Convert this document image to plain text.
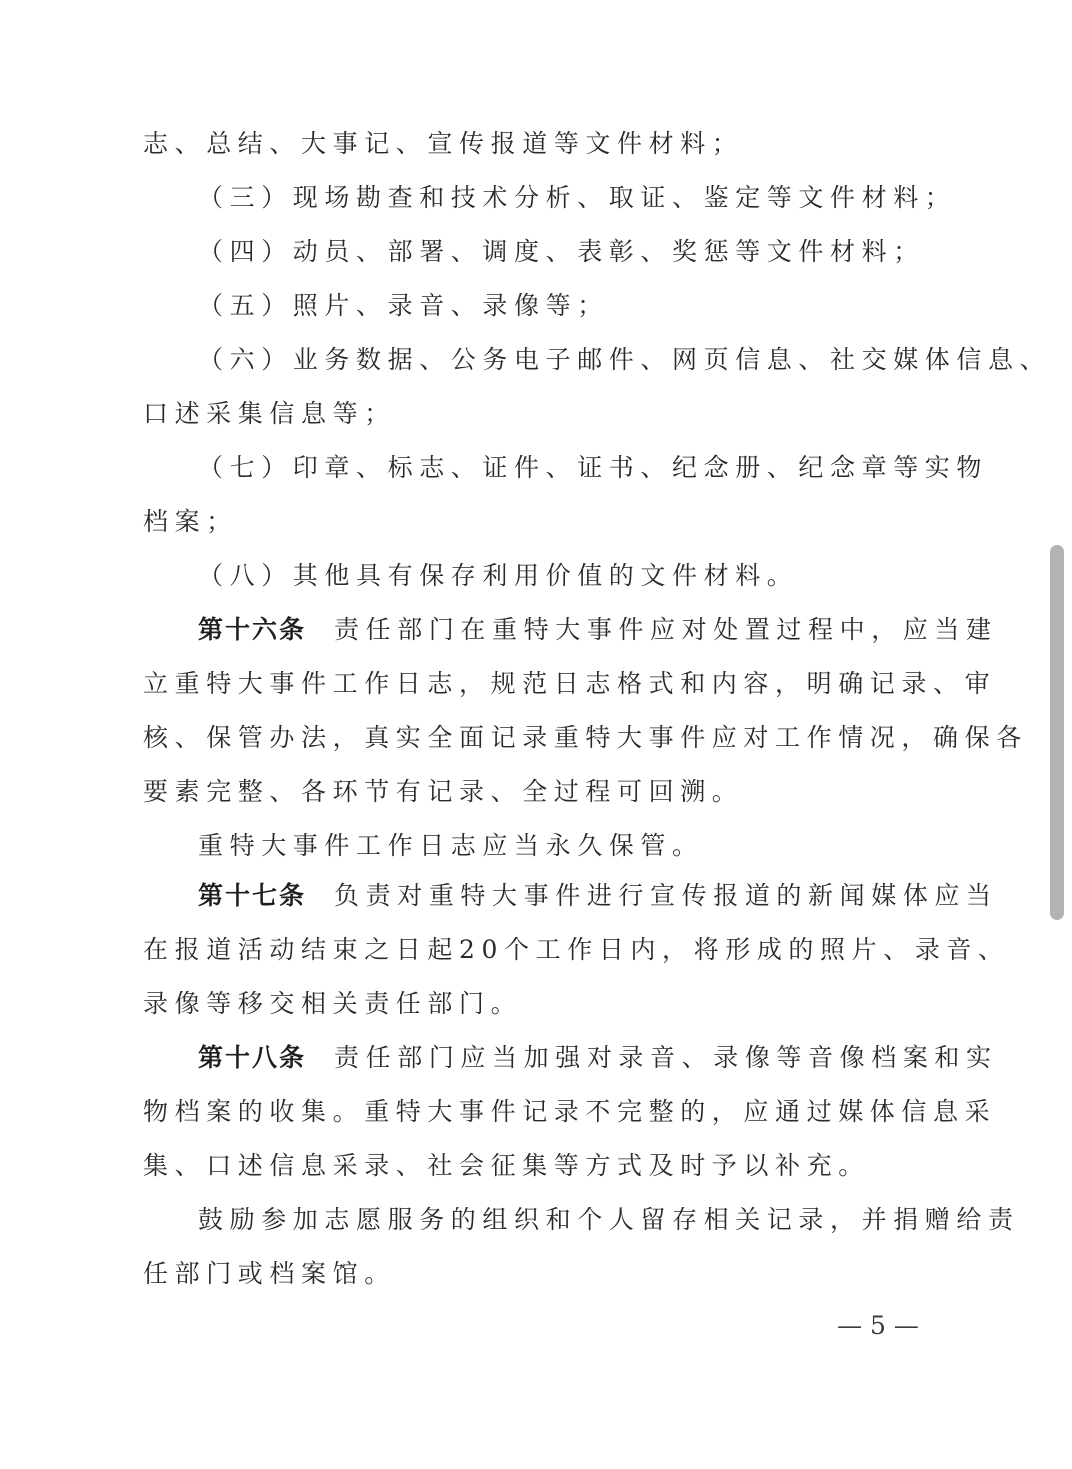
志、总结、大事记、宣传报道等文件材料；
（三）现场勘查和技术分析、取证、鉴定等文件材料；
（四）动员、部署、调度、表彰、奖惩等文件材料；
（五）照片、录音、录像等；
（六）业务数据、公务电子邮件、网页信息、社交媒体信息、
口述采集信息等；
（七）印章、标志、证件、证书、纪念册、纪念章等实物
档案；
（八）其他具有保存利用价值的文件材料。
第十六条 责任部门在重特大事件应对处置过程中，应当建
立重特大事件工作日志，规范日志格式和内容，明确记录、审
核、保管办法，真实全面记录重特大事件应对工作情况，确保各
要素完整、各环节有记录、全过程可回溯。
重特大事件工作日志应当永久保管。
第十七条 负责对重特大事件进行宣传报道的新闻媒体应当
在报道活动结束之日起20个工作日内，将形成的照片、录音、
录像等移交相关责任部门。
第十八条 责任部门应当加强对录音、录像等音像档案和实
物档案的收集。重特大事件记录不完整的，应通过媒体信息采
集、口述信息采录、社会征集等方式及时予以补充。
鼓励参加志愿服务的组织和个人留存相关记录，并捐赠给责
任部门或档案馆。
— 5 —
